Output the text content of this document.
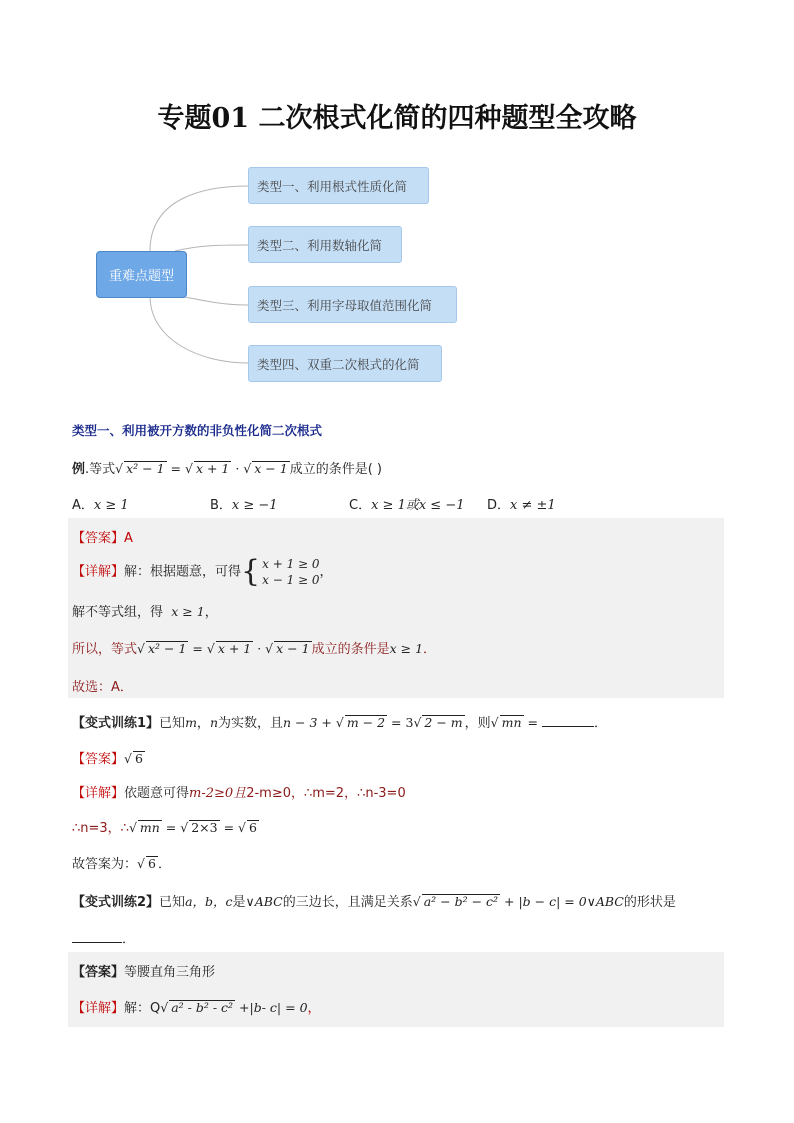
专题01 二次根式化简的四种题型全攻略
重难点题型
类型一、利用根式性质化简
类型二、利用数轴化简
类型三、利用字母取值范围化简
类型四、双重二次根式的化简
类型一、利用被开方数的非负性化简二次根式
例.等式√ x² − 1 = √ x + 1 · √ x − 1 成立的条件是( )
A．x ≥ 1	B．x ≥ −1	C．x ≥ 1或x ≤ −1 D．x ≠ ±1
【答案】A
【详解】解：根据题意，可得 { x + 1 ≥ 0
x − 1 ≥ 0
，
解不等式组，得 x ≥ 1，
所以，等式√ x² − 1 = √ x + 1 · √ x − 1 成立的条件是x ≥ 1．
故选：A．
【变式训练1】已知m，n为实数，且n − 3 + √ m − 2 = 3√ 2 − m ，则√ mn =	．
【答案】√ 6
【详解】依题意可得m-2≥0且2-m≥0，∴m=2，∴n-3=0
∴n=3，∴√ mn = √ 2×3 = √ 6
故答案为：√ 6 ．
【变式训练2】已知a，b，c是∨ABC的三边长，且满足关系√ a² − b² − c² + |b − c| = 0∨ABC的形状是
．
【答案】等腰直角三角形
【详解】解：Q√ a² - b² - c² +|b- c| = 0，
